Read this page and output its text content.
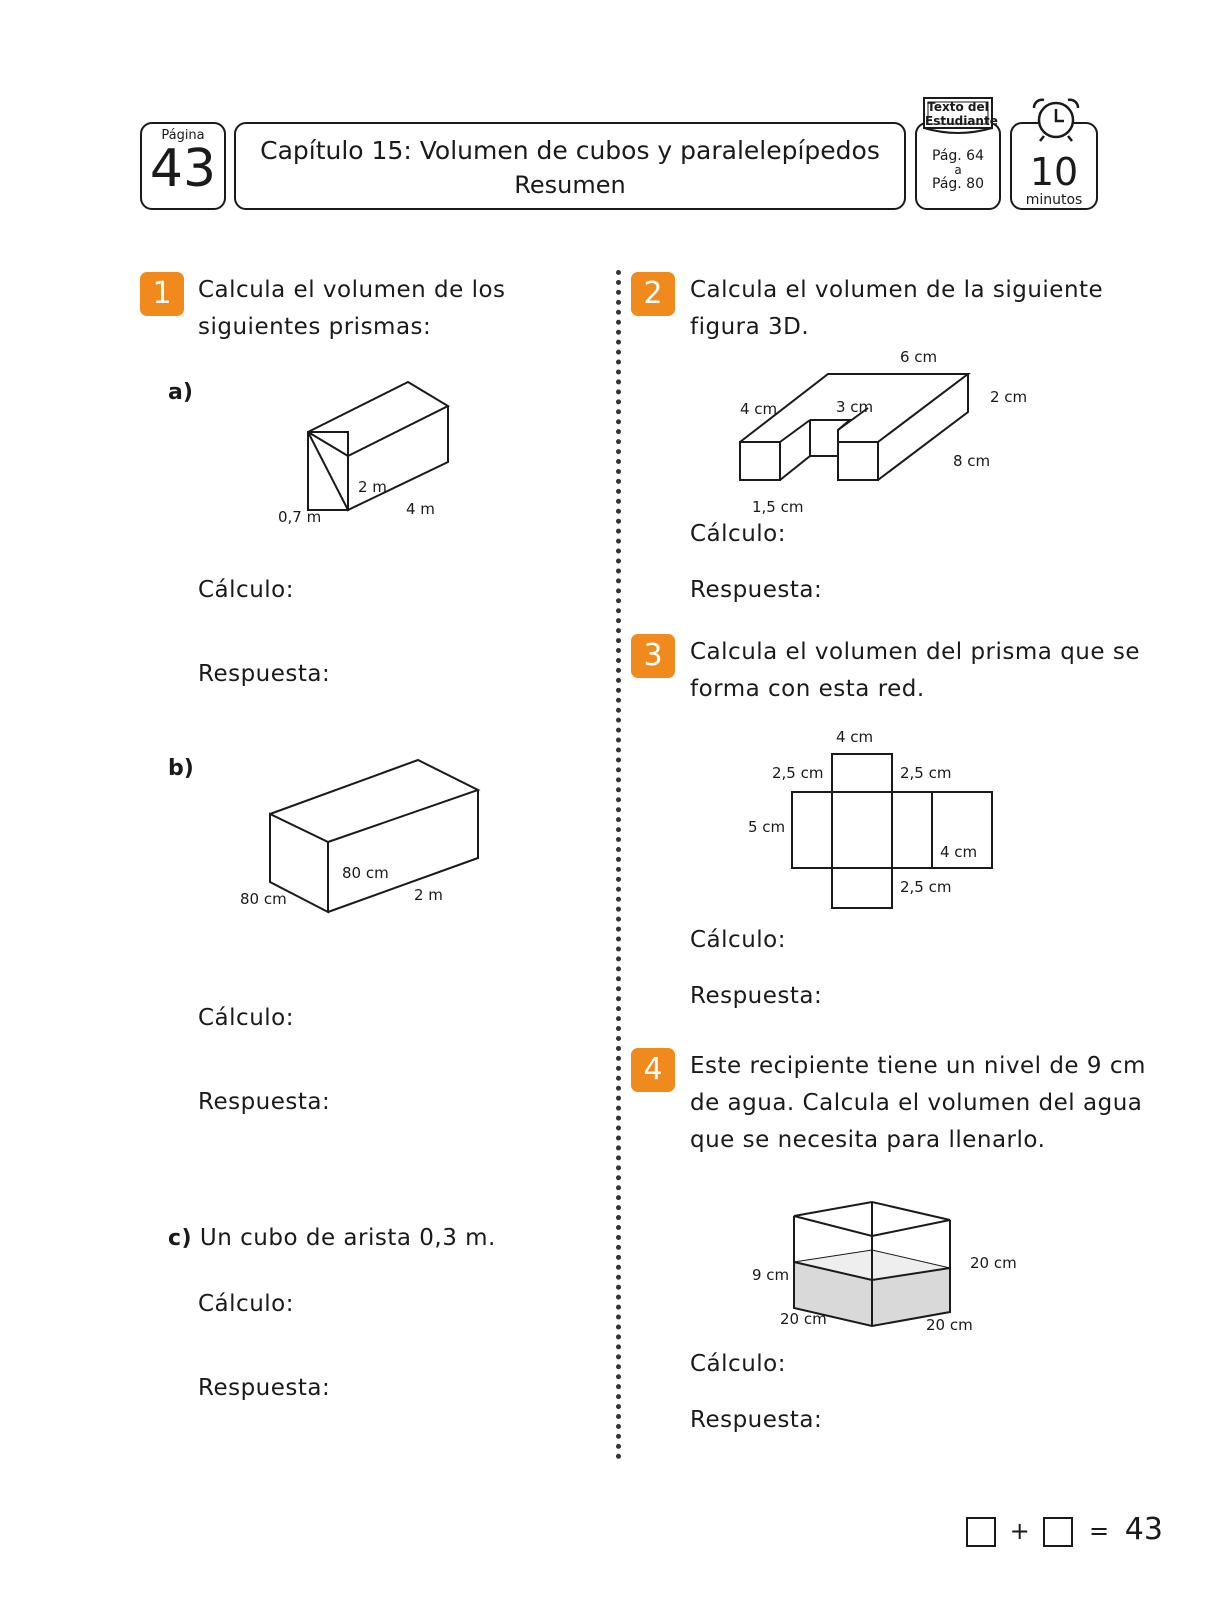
Página
43	Capítulo 15: Volumen de cubos y paralelepípedos
Resumen
Pág. 64
a
Pág. 80
Texto del
Estudiante
10
minutos
1	Calcula el volumen de los
siguientes prismas:
a)
0,7 m
2 m
4 m
Cálculo:
Respuesta:
b)
80 cm
80 cm
2 m
Cálculo:
Respuesta:
c) Un cubo de arista 0,3 m.
Cálculo:
Respuesta:
2	Calcula el volumen de la siguiente
figura 3D.
6 cm
2 cm
4 cm	3 cm
8 cm
1,5 cm
Cálculo:
Respuesta:
3	Calcula el volumen del prisma que se
forma con esta red.
4 cm
2,5 cm	2,5 cm
5 cm
4 cm
2,5 cm
Cálculo:
Respuesta:
4	Este recipiente tiene un nivel de 9 cm
de agua. Calcula el volumen del agua
que se necesita para llenarlo.
9 cm
20 cm
20 cm	20 cm
Cálculo:
Respuesta:
+ = 43
